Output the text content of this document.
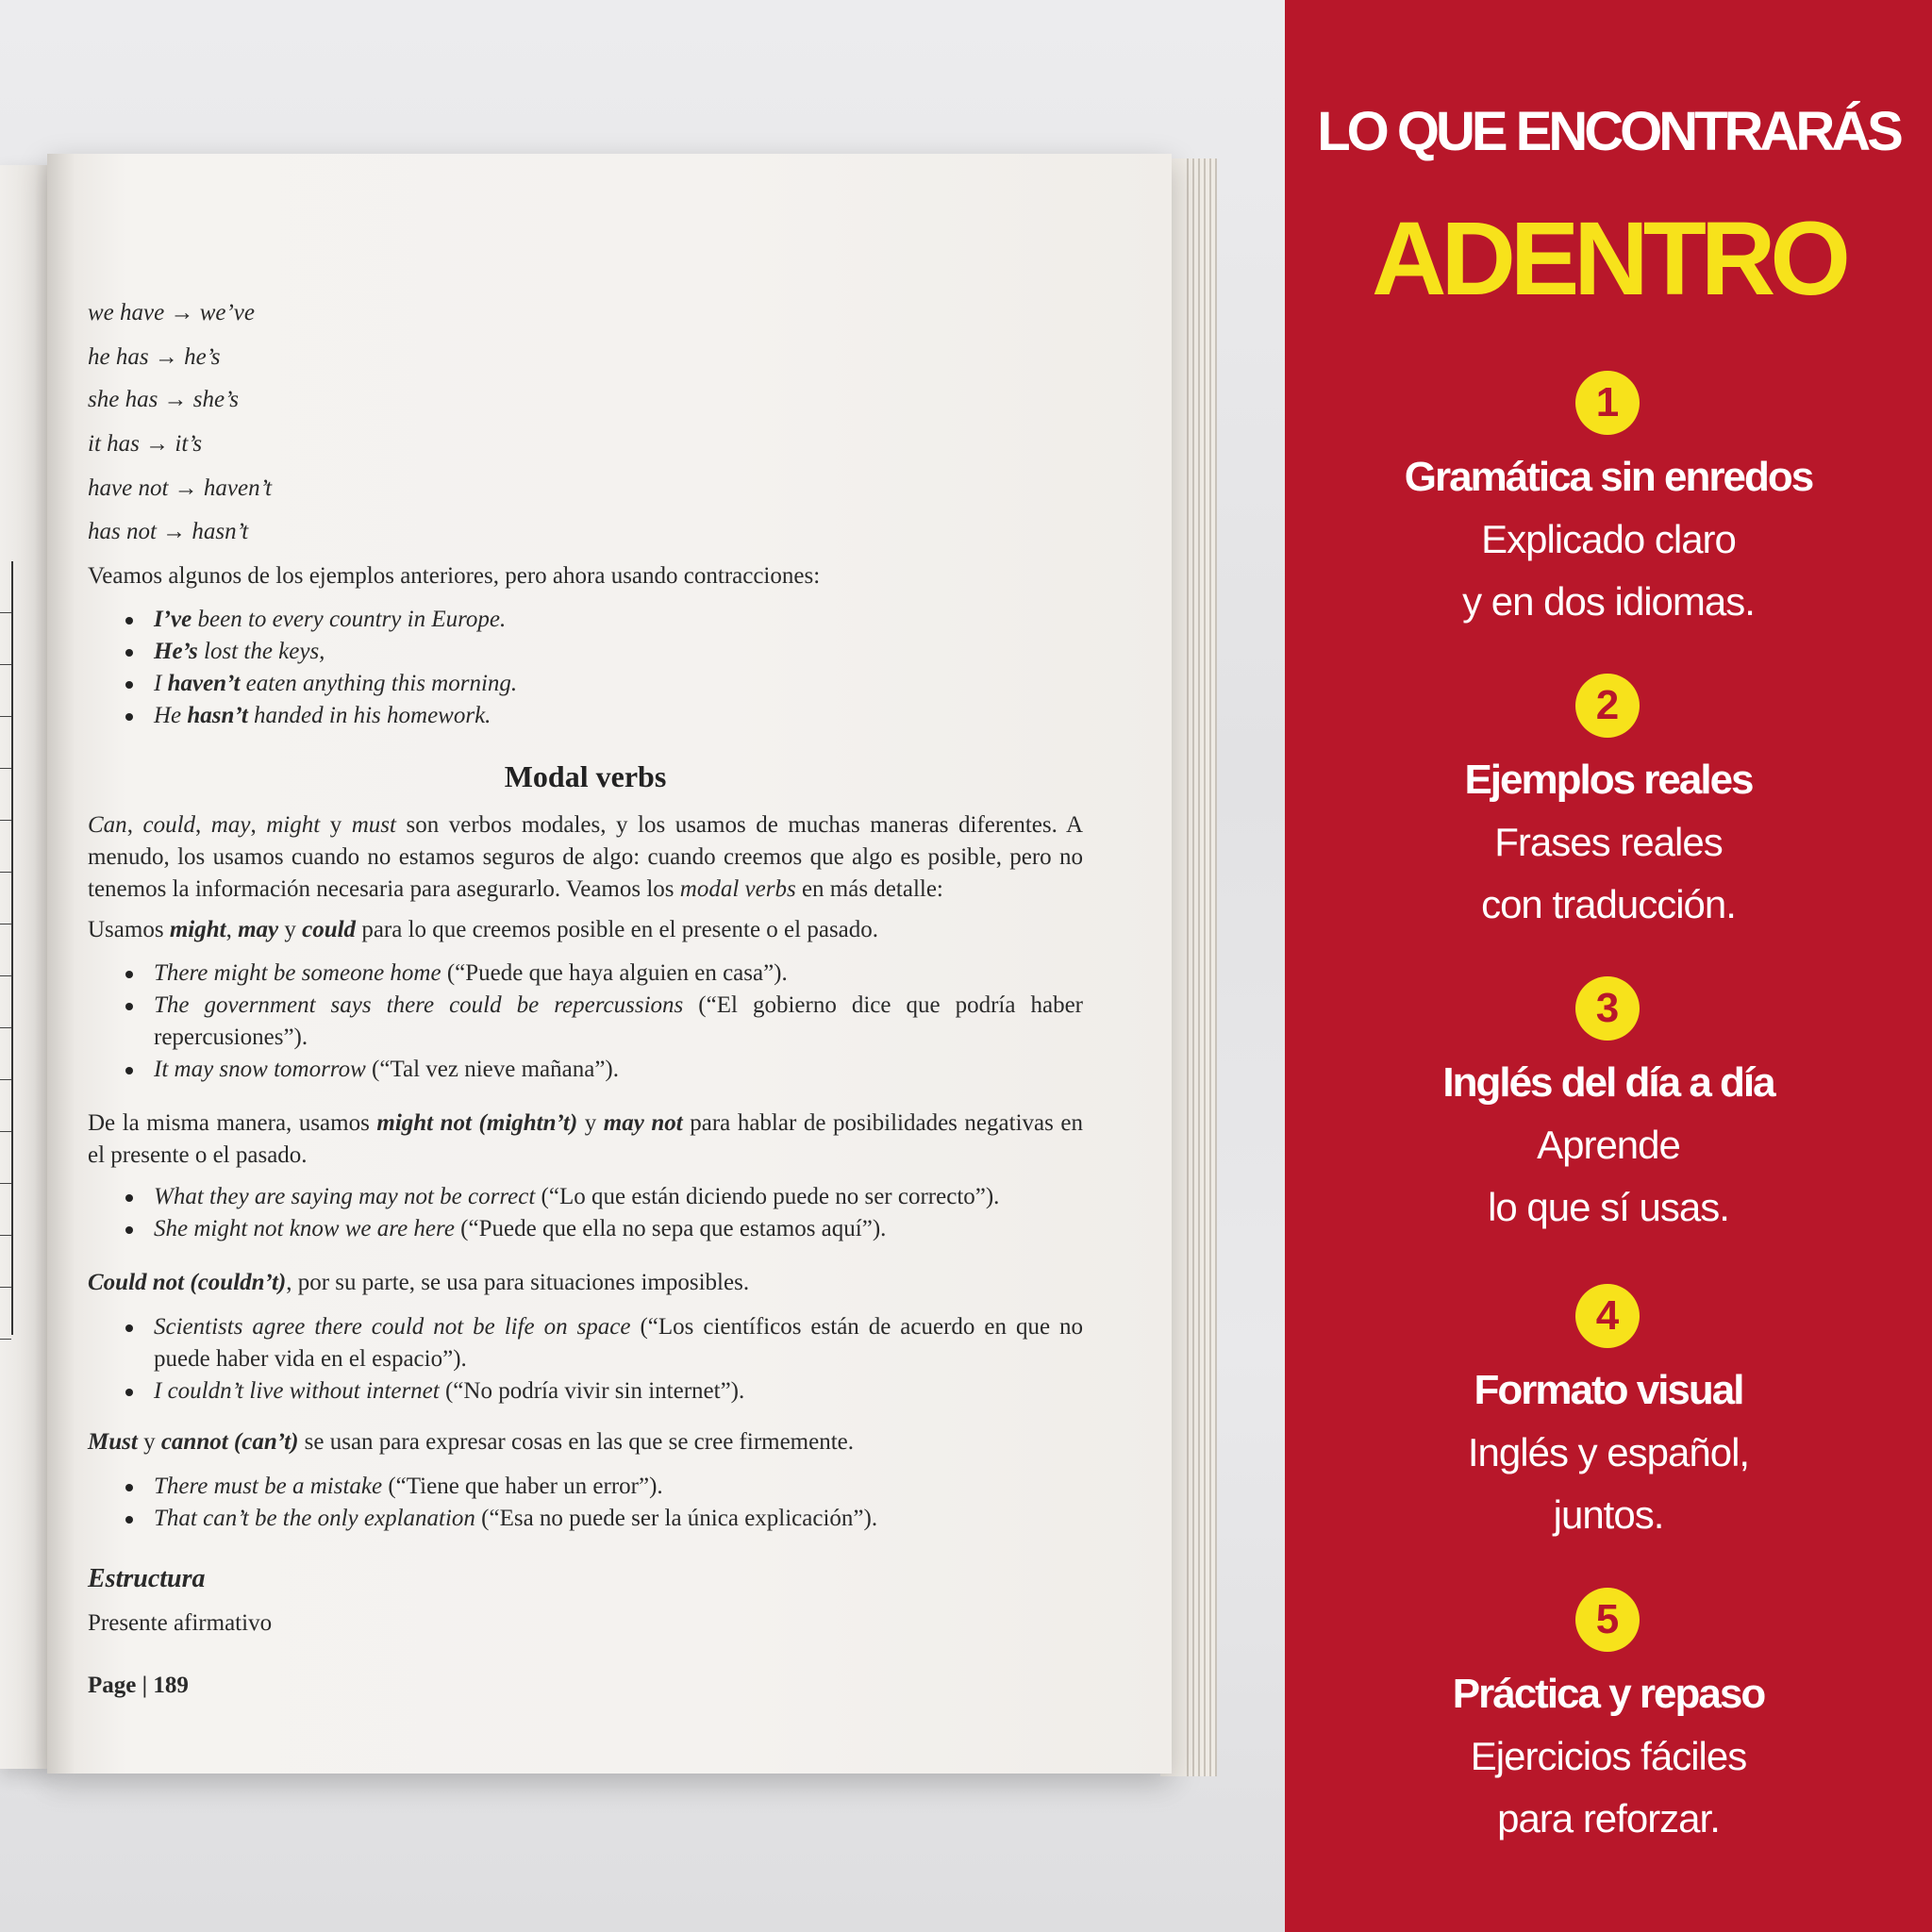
we have → we’ve
he has → he’s
she has → she’s
it has → it’s
have not → haven’t
has not → hasn’t
Veamos algunos de los ejemplos anteriores, pero ahora usando contracciones:
I’ve been to every country in Europe.
He’s lost the keys,
I haven’t eaten anything this morning.
He hasn’t handed in his homework.
Modal verbs
Can, could, may, might y must son verbos modales, y los usamos de muchas maneras diferentes. A menudo, los usamos cuando no estamos seguros de algo: cuando creemos que algo es posible, pero no tenemos la información necesaria para asegurarlo. Veamos los modal verbs en más detalle:
Usamos might, may y could para lo que creemos posible en el presente o el pasado.
There might be someone home (“Puede que haya alguien en casa”).
The government says there could be repercussions (“El gobierno dice que podría haber repercusiones”).
It may snow tomorrow (“Tal vez nieve mañana”).
De la misma manera, usamos might not (mightn’t) y may not para hablar de posibilidades negativas en el presente o el pasado.
What they are saying may not be correct (“Lo que están diciendo puede no ser correcto”).
She might not know we are here (“Puede que ella no sepa que estamos aquí”).
Could not (couldn’t), por su parte, se usa para situaciones imposibles.
Scientists agree there could not be life on space (“Los científicos están de acuerdo en que no puede haber vida en el espacio”).
I couldn’t live without internet (“No podría vivir sin internet”).
Must y cannot (can’t) se usan para expresar cosas en las que se cree firmemente.
There must be a mistake (“Tiene que haber un error”).
That can’t be the only explanation (“Esa no puede ser la única explicación”).
Estructura
Presente afirmativo
Page | 189
LO QUE ENCONTRARÁS
ADENTRO
1
Gramática sin enredos
Explicado claro
y en dos idiomas.
2
Ejemplos reales
Frases reales
con traducción.
3
Inglés del día a día
Aprende
lo que sí usas.
4
Formato visual
Inglés y español,
juntos.
5
Práctica y repaso
Ejercicios fáciles
para reforzar.
